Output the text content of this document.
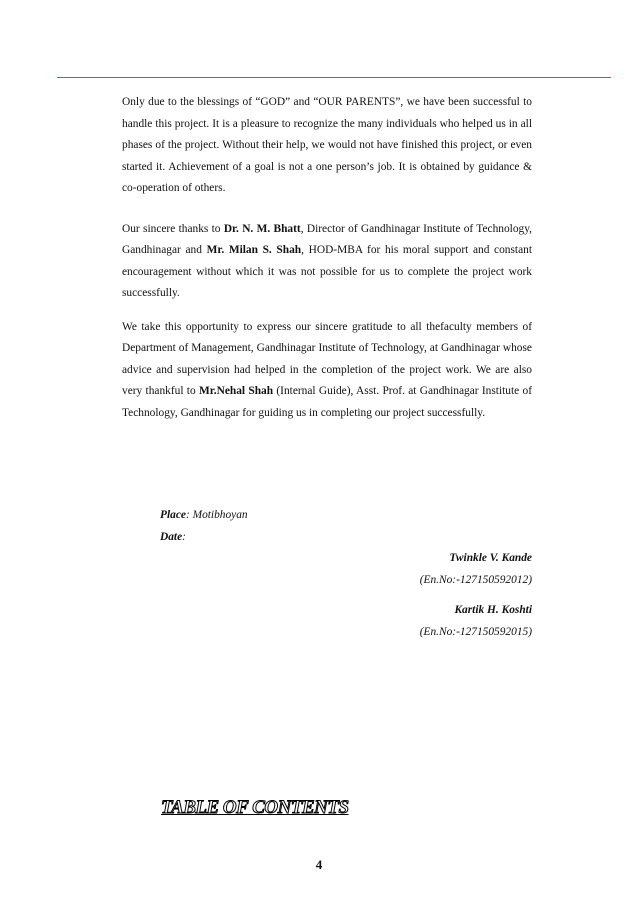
Only due to the blessings of “GOD” and “OUR PARENTS”, we have been successful to handle this project. It is a pleasure to recognize the many individuals who helped us in all phases of the project. Without their help, we would not have finished this project, or even started it. Achievement of a goal is not a one person’s job. It is obtained by guidance & co-operation of others.

Our sincere thanks to Dr. N. M. Bhatt, Director of Gandhinagar Institute of Technology, Gandhinagar and Mr. Milan S. Shah, HOD-MBA for his moral support and constant encouragement without which it was not possible for us to complete the project work successfully.

We take this opportunity to express our sincere gratitude to all thefaculty members of Department of Management, Gandhinagar Institute of Technology, at Gandhinagar whose advice and supervision had helped in the completion of the project work. We are also very thankful to Mr.Nehal Shah (Internal Guide), Asst. Prof. at Gandhinagar Institute of Technology, Gandhinagar for guiding us in completing our project successfully.

Place: Motibhoyan
Date:
Twinkle V. Kande
(En.No:-127150592012)
Kartik H. Koshti
(En.No:-127150592015)
TABLE OF CONTENTS
4
